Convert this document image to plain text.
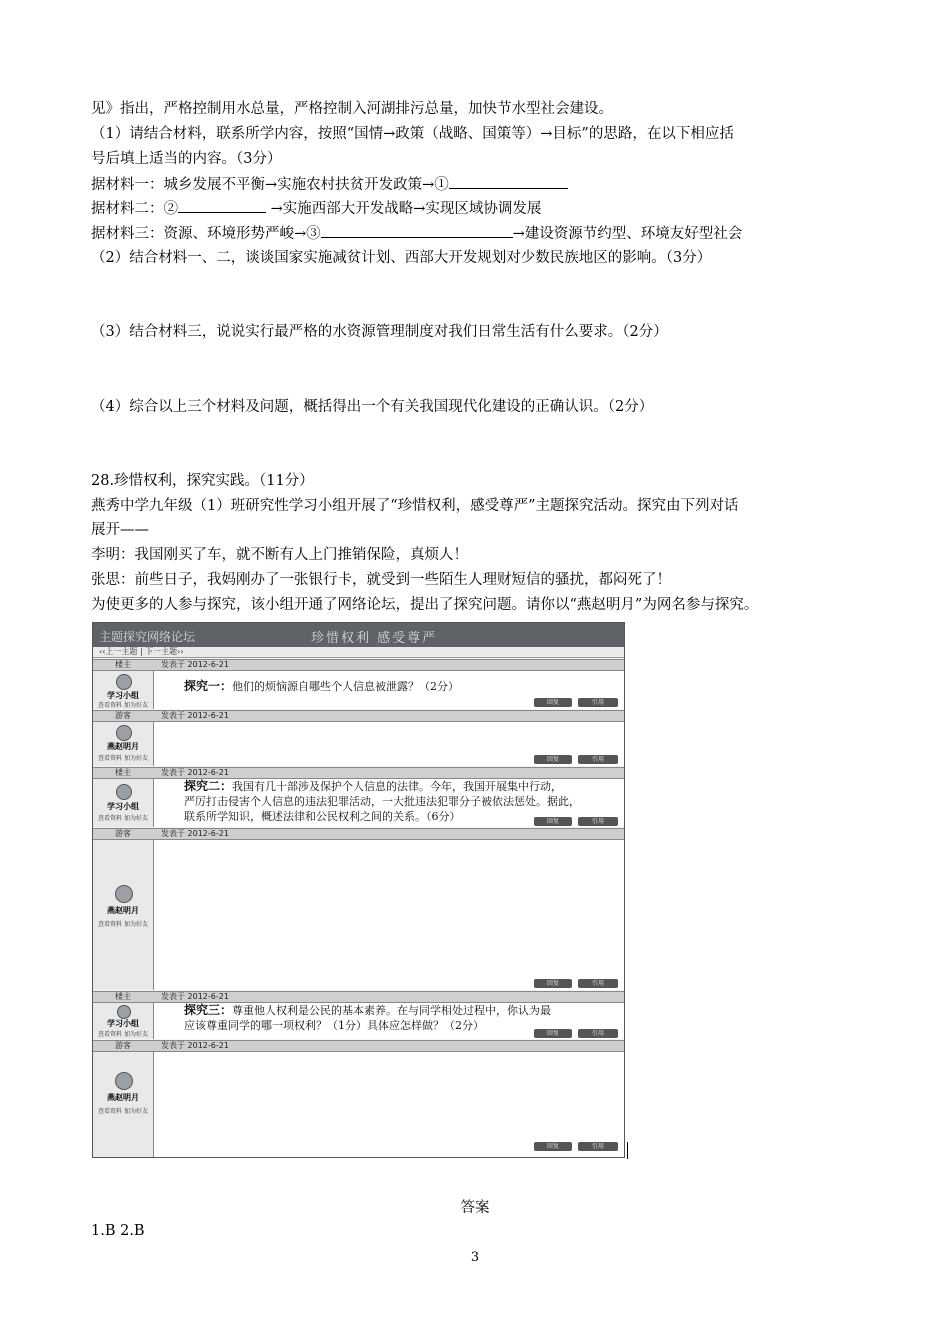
见》指出，严格控制用水总量，严格控制入河湖排污总量，加快节水型社会建设。
（1）请结合材料，联系所学内容，按照“国情→政策（战略、国策等）→目标”的思路，在以下相应括
号后填上适当的内容。（3分）
据材料一：城乡发展不平衡→实施农村扶贫开发政策→①
据材料二：②	→实施西部大开发战略→实现区域协调发展
据材料三：资源、环境形势严峻→③	→建设资源节约型、环境友好型社会
（2）结合材料一、二，谈谈国家实施减贫计划、西部大开发规划对少数民族地区的影响。（3分）
（3）结合材料三，说说实行最严格的水资源管理制度对我们日常生活有什么要求。（2分）
（4）综合以上三个材料及问题，概括得出一个有关我国现代化建设的正确认识。（2分）
28.珍惜权利，探究实践。（11分）
燕秀中学九年级（1）班研究性学习小组开展了“珍惜权利，感受尊严”主题探究活动。探究由下列对话
展开——
李明：我国刚买了车，就不断有人上门推销保险，真烦人！
张思：前些日子，我妈刚办了一张银行卡，就受到一些陌生人理财短信的骚扰，都闷死了！
为使更多的人参与探究，该小组开通了网络论坛，提出了探究问题。请你以“燕赵明月”为网名参与探究。
主题探究网络论坛	珍惜权利 感受尊严
‹‹上一主题 | 下一主题››
楼主	发表于 2012-6-21
学习小组
查看资料 加为好友
探究一：他们的烦恼源自哪些个人信息被泄露？（2分）
回复	引用
游客	发表于 2012-6-21
燕赵明月
查看资料 加为好友	回复	引用
楼主	发表于 2012-6-21
学习小组
查看资料 加为好友
探究二：我国有几十部涉及保护个人信息的法律。今年，我国开展集中行动，
严厉打击侵害个人信息的违法犯罪活动，一大批违法犯罪分子被依法惩处。据此，
联系所学知识，概述法律和公民权利之间的关系。（6分）	回复	引用
游客	发表于 2012-6-21
燕赵明月
查看资料 加为好友
回复	引用
楼主	发表于 2012-6-21
学习小组
查看资料 加为好友
探究三：尊重他人权利是公民的基本素养。在与同学相处过程中，你认为最
应该尊重同学的哪一项权利？（1分）具体应怎样做？（2分）
回复	引用
游客	发表于 2012-6-21
燕赵明月
查看资料 加为好友
回复	引用
答案
1.B 2.B
3
